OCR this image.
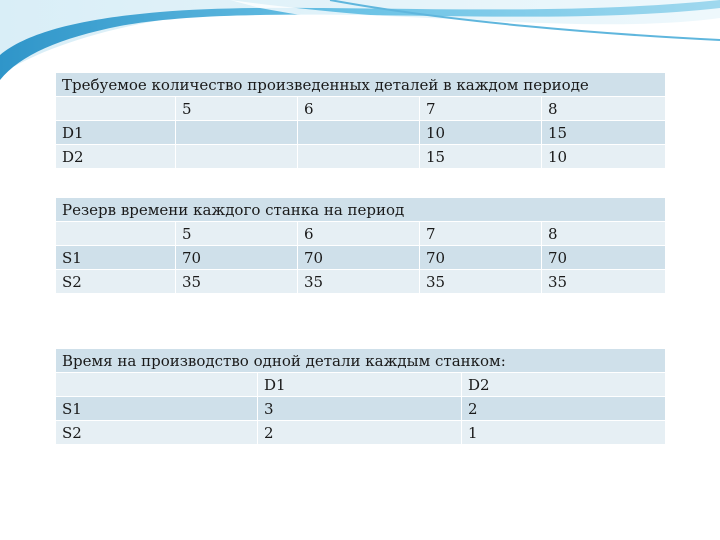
Требуемое количество произведенных деталей в каждом периоде				
	5	6	7	8
D1			10	15
D2			15	10
Резерв времени каждого станка на период				
	5	6	7	8
S1	70	70	70	70
S2	35	35	35	35
Время на производство одной детали каждым станком:		
	D1	D2
S1	3	2
S2	2	1
